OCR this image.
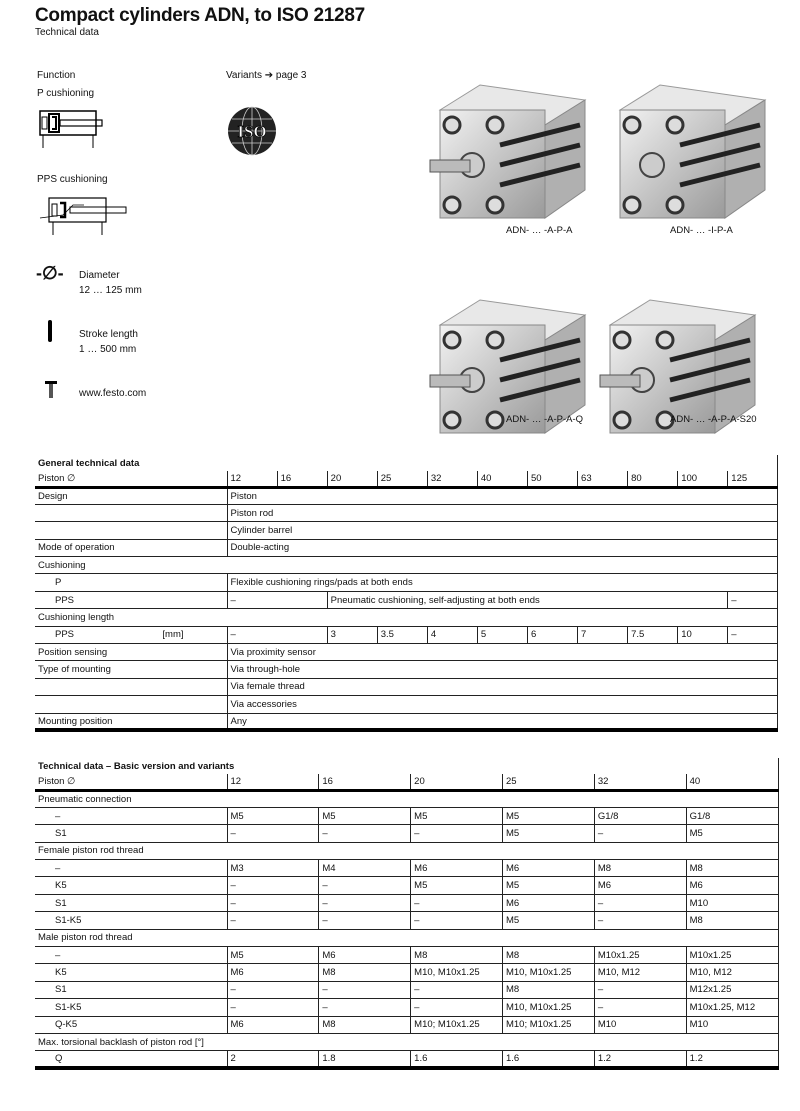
Compact cylinders ADN, to ISO 21287
Technical data
Function
P cushioning
PPS cushioning
-∅- Diameter
12 … 125 mm
Stroke length
1 … 500 mm
www.festo.com
Variants ➔ page 3
ISO
ADN- … -A-P-A	ADN- … -I-P-A
ADN- … -A-P-A-Q	ADN- … -A-P-A-S20
General technical data											
Piston ∅	12	16	20	25	32	40	50	63	80	100	125
Design	Piston										
	Piston rod										
	Cylinder barrel										
Mode of operation	Double-acting										
Cushioning											
P	Flexible cushioning rings/pads at both ends										
PPS	–		Pneumatic cushioning, self-adjusting at both ends								–
Cushioning length											
PPS [mm]	–		3	3.5	4	5	6	7	7.5	10	–
Position sensing	Via proximity sensor										
Type of mounting	Via through-hole										
	Via female thread										
	Via accessories										
Mounting position	Any										
Technical data – Basic version and variants						
Piston ∅	12	16	20	25	32	40
Pneumatic connection						
–	M5	M5	M5	M5	G1/8	G1/8
S1	–	–	–	M5	–	M5
Female piston rod thread						
–	M3	M4	M6	M6	M8	M8
K5	–	–	M5	M5	M6	M6
S1	–	–	–	M6	–	M10
S1-K5	–	–	–	M5	–	M8
Male piston rod thread						
–	M5	M6	M8	M8	M10x1.25	M10x1.25
K5	M6	M8	M10, M10x1.25	M10, M10x1.25	M10, M12	M10, M12
S1	–	–	–	M8	–	M12x1.25
S1-K5	–	–	–	M10, M10x1.25	–	M10x1.25, M12
Q-K5	M6	M8	M10; M10x1.25	M10; M10x1.25	M10	M10
Max. torsional backlash of piston rod [°]						
Q	2	1.8	1.6	1.6	1.2	1.2
